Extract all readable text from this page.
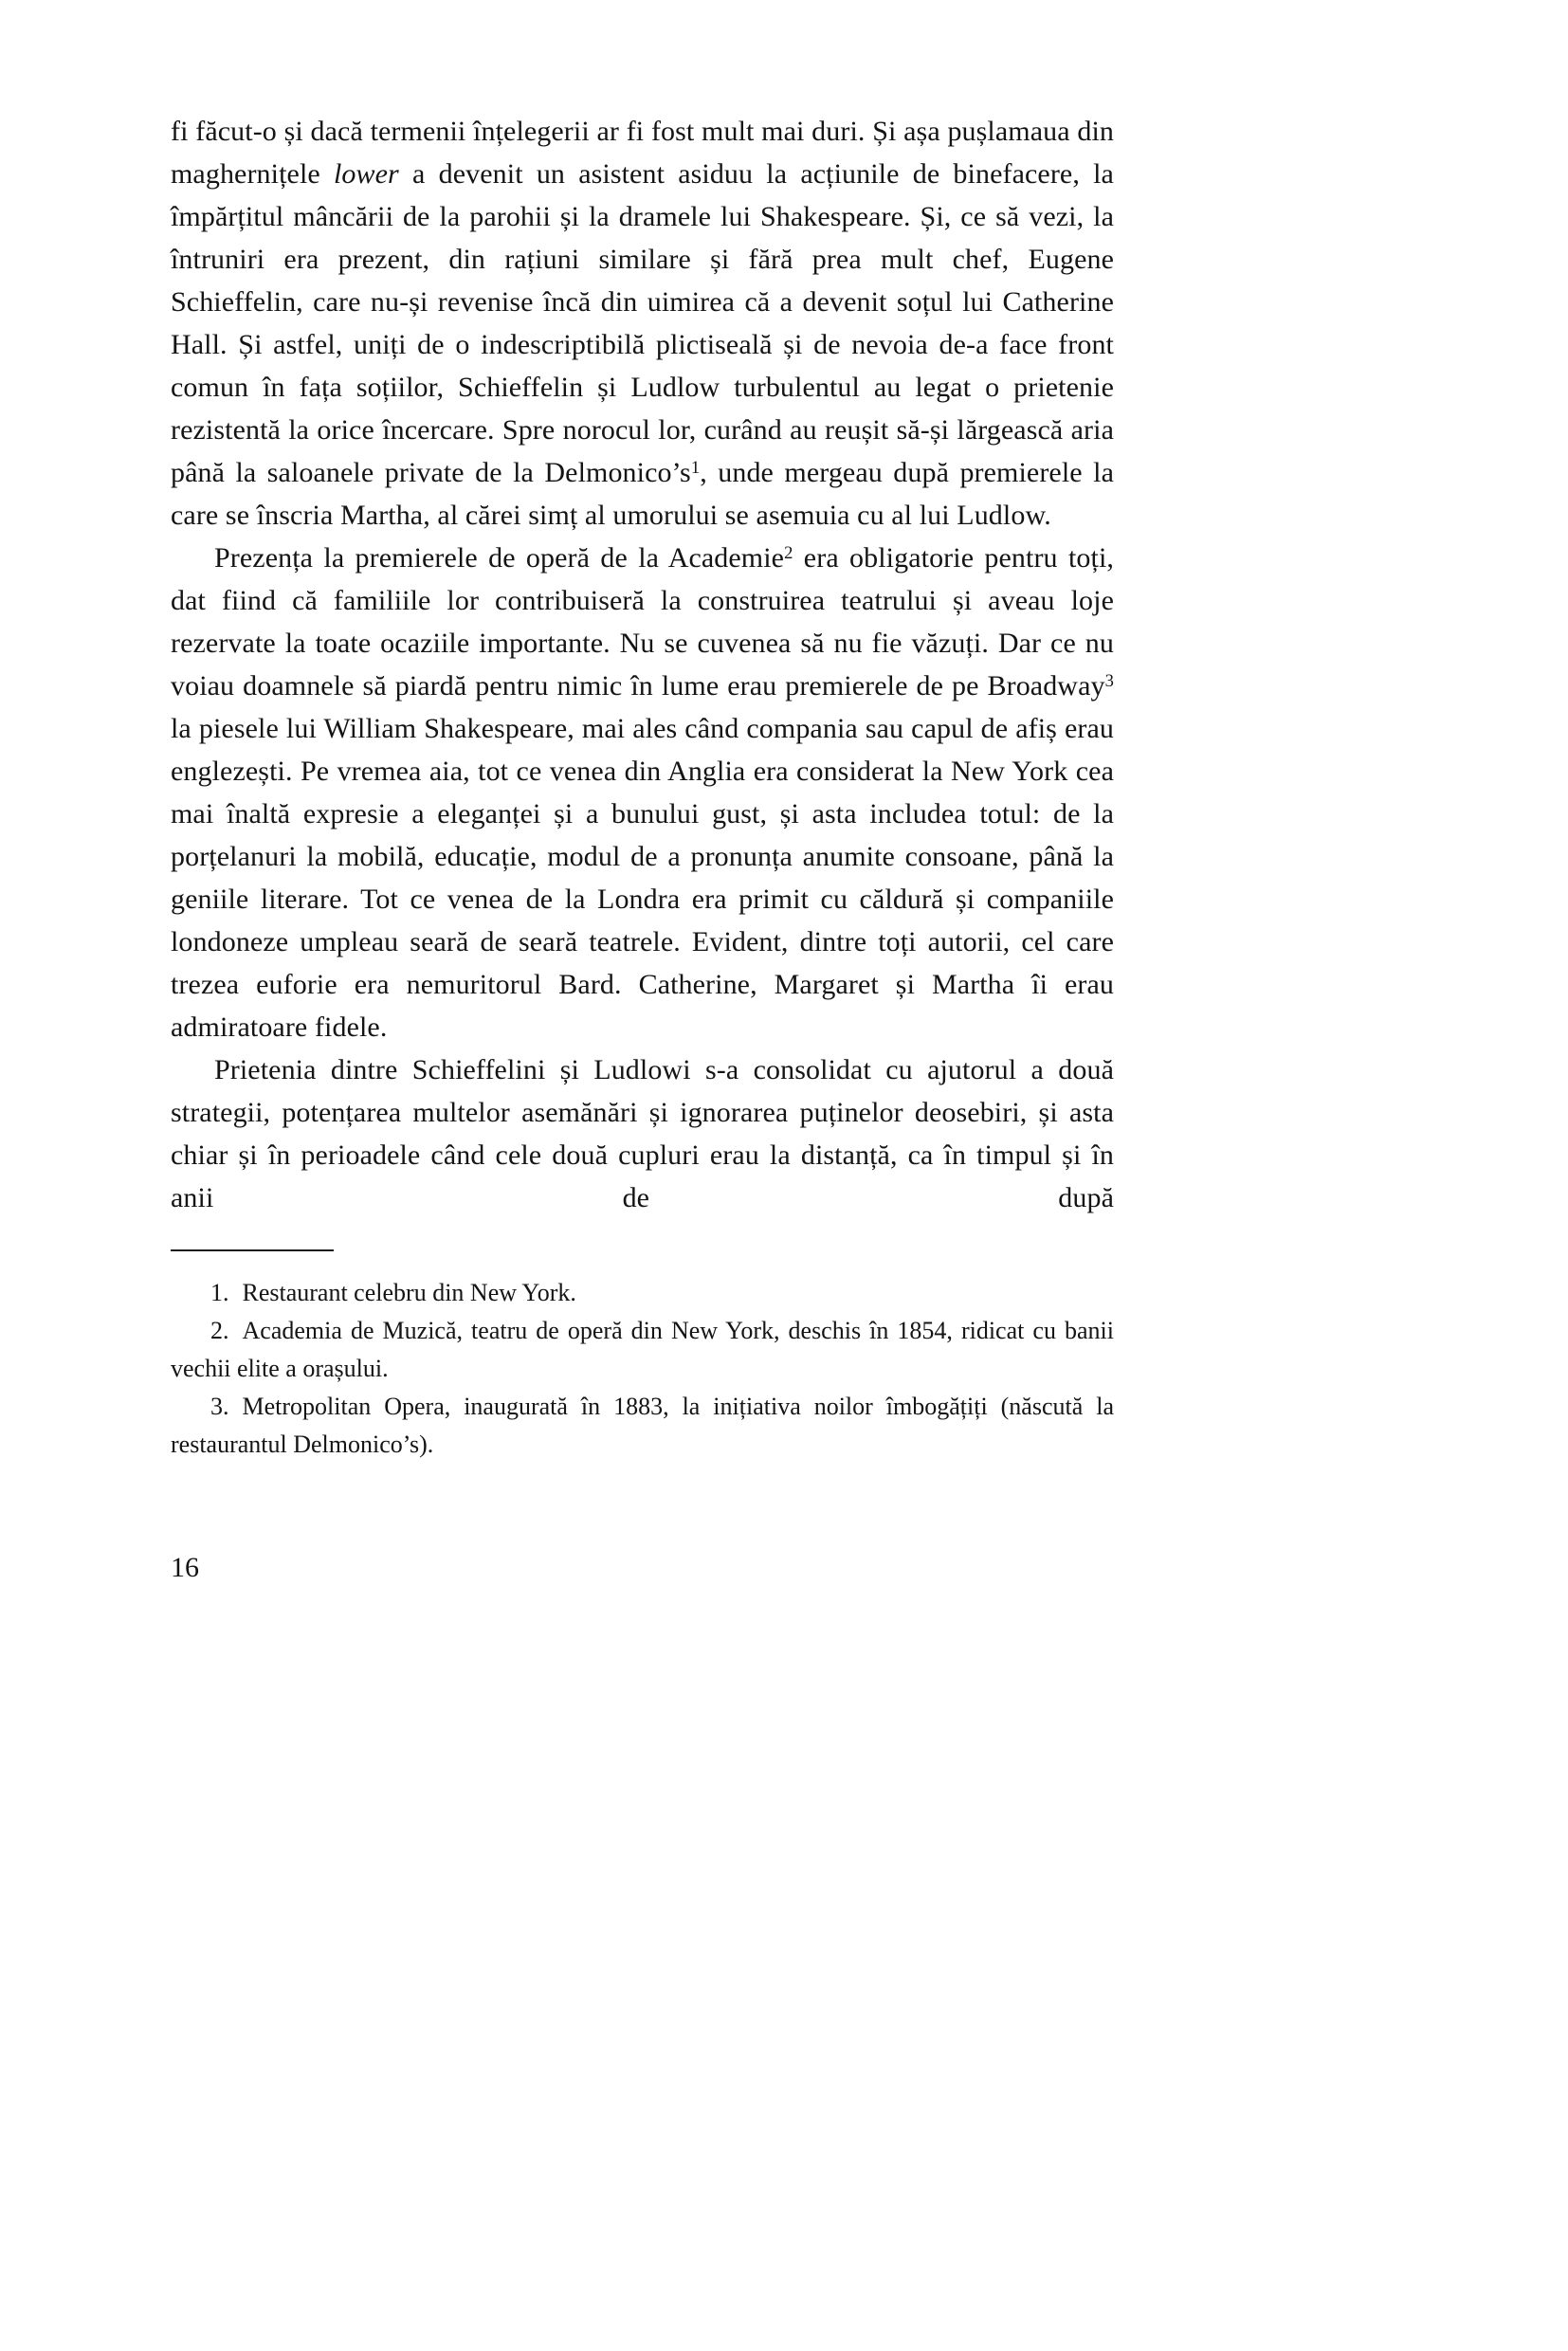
fi făcut-o și dacă termenii înțelegerii ar fi fost mult mai duri. Și așa pușlamaua din maghernițele lower a devenit un asistent asiduu la acțiunile de binefacere, la împărțitul mâncării de la parohii și la dramele lui Shakespeare. Și, ce să vezi, la întruniri era prezent, din rațiuni similare și fără prea mult chef, Eugene Schieffelin, care nu-și revenise încă din uimirea că a devenit soțul lui Catherine Hall. Și astfel, uniți de o indescriptibilă plictiseală și de nevoia de-a face front comun în fața soțiilor, Schieffelin și Ludlow turbulentul au legat o prietenie rezistentă la orice încercare. Spre norocul lor, curând au reușit să-și lărgească aria până la saloanele private de la Delmonico’s$^1$, unde mergeau după premierele la care se înscria Martha, al cărei simț al umorului se asemuia cu al lui Ludlow.

Prezența la premierele de operă de la Academie$^2$ era obligatorie pentru toți, dat fiind că familiile lor contribuiseră la construirea teatrului și aveau loje rezervate la toate ocaziile importante. Nu se cuvenea să nu fie văzuți. Dar ce nu voiau doamnele să piardă pentru nimic în lume erau premierele de pe Broadway$^3$ la piesele lui William Shakespeare, mai ales când compania sau capul de afiș erau englezești. Pe vremea aia, tot ce venea din Anglia era considerat la New York cea mai înaltă expresie a eleganței și a bunului gust, și asta includea totul: de la porțelanuri la mobilă, educație, modul de a pronunța anumite consoane, până la geniile literare. Tot ce venea de la Londra era primit cu căldură și companiile londoneze umpleau seară de seară teatrele. Evident, dintre toți autorii, cel care trezea euforie era nemuritorul Bard. Catherine, Margaret și Martha îi erau admiratoare fidele.

Prietenia dintre Schieffelini și Ludlowi s-a consolidat cu ajutorul a două strategii, potențarea multelor asemănări și ignorarea puținelor deosebiri, și asta chiar și în perioadele când cele două cupluri erau la distanță, ca în timpul și în anii de după

1. Restaurant celebru din New York.

2. Academia de Muzică, teatru de operă din New York, deschis în 1854, ridicat cu banii vechii elite a orașului.

3. Metropolitan Opera, inaugurată în 1883, la inițiativa noilor îmbogățiți (născută la restaurantul Delmonico’s).

16
